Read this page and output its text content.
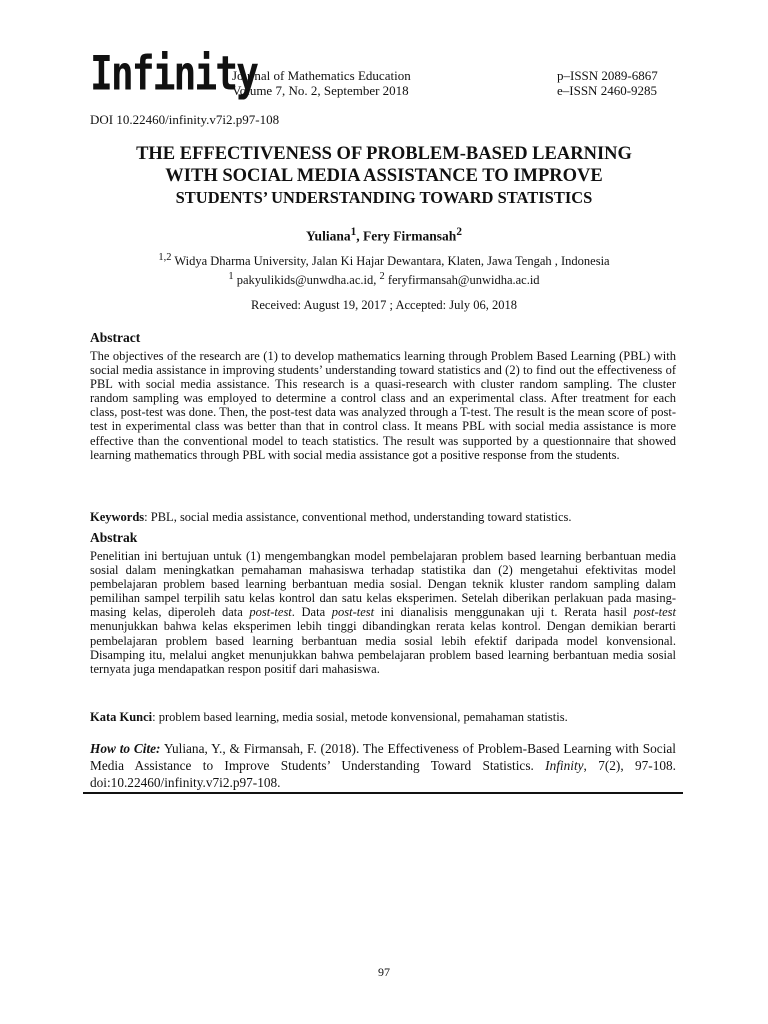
Infinity
Journal of Mathematics Education
Volume 7, No. 2, September 2018
p–ISSN 2089-6867
e–ISSN 2460-9285
DOI 10.22460/infinity.v7i2.p97-108
THE EFFECTIVENESS OF PROBLEM-BASED LEARNING
WITH SOCIAL MEDIA ASSISTANCE TO IMPROVE
STUDENTS’ UNDERSTANDING TOWARD STATISTICS
Yuliana$^1$, Fery Firmansah$^2$
$^{1,2}$ Widya Dharma University, Jalan Ki Hajar Dewantara, Klaten, Jawa Tengah , Indonesia
$^1$ pakyulikids@unwdha.ac.id, $^2$ feryfirmansah@unwidha.ac.id
Received: August 19, 2017 ; Accepted: July 06, 2018
Abstract

The objectives of the research are (1) to develop mathematics learning through Problem Based Learning (PBL) with social media assistance in improving students’ understanding toward statistics and (2) to find out the effectiveness of PBL with social media assistance. This research is a quasi-research with cluster random sampling. The cluster random sampling was employed to determine a control class and an experimental class. After treatment for each class, post-test was done. Then, the post-test data was analyzed through a T-test. The result is the mean score of post-test in experimental class was better than that in control class. It means PBL with social media assistance is more effective than the conventional model to teach statistics. The result was supported by a questionnaire that showed learning mathematics through PBL with social media assistance got a positive response from the students.

Keywords: PBL, social media assistance, conventional method, understanding toward statistics.
Abstrak

Penelitian ini bertujuan untuk (1) mengembangkan model pembelajaran problem based learning berbantuan media sosial dalam meningkatkan pemahaman mahasiswa terhadap statistika dan (2) mengetahui efektivitas model pembelajaran problem based learning berbantuan media sosial. Dengan teknik kluster random sampling dalam pemilihan sampel terpilih satu kelas kontrol dan satu kelas eksperimen. Setelah diberikan perlakuan pada masing-masing kelas, diperoleh data post-test. Data post-test ini dianalisis menggunakan uji t. Rerata hasil post-test menunjukkan bahwa kelas eksperimen lebih tinggi dibandingkan rerata kelas kontrol. Dengan demikian berarti pembelajaran problem based learning berbantuan media sosial lebih efektif daripada model konvensional. Disamping itu, melalui angket menunjukkan bahwa pembelajaran problem based learning berbantuan media sosial ternyata juga mendapatkan respon positif dari mahasiswa.

Kata Kunci: problem based learning, media sosial, metode konvensional, pemahaman statistis.

How to Cite: Yuliana, Y., & Firmansah, F. (2018). The Effectiveness of Problem-Based Learning with Social Media Assistance to Improve Students’ Understanding Toward Statistics. Infinity, 7(2), 97-108. doi:10.22460/infinity.v7i2.p97-108.

97
